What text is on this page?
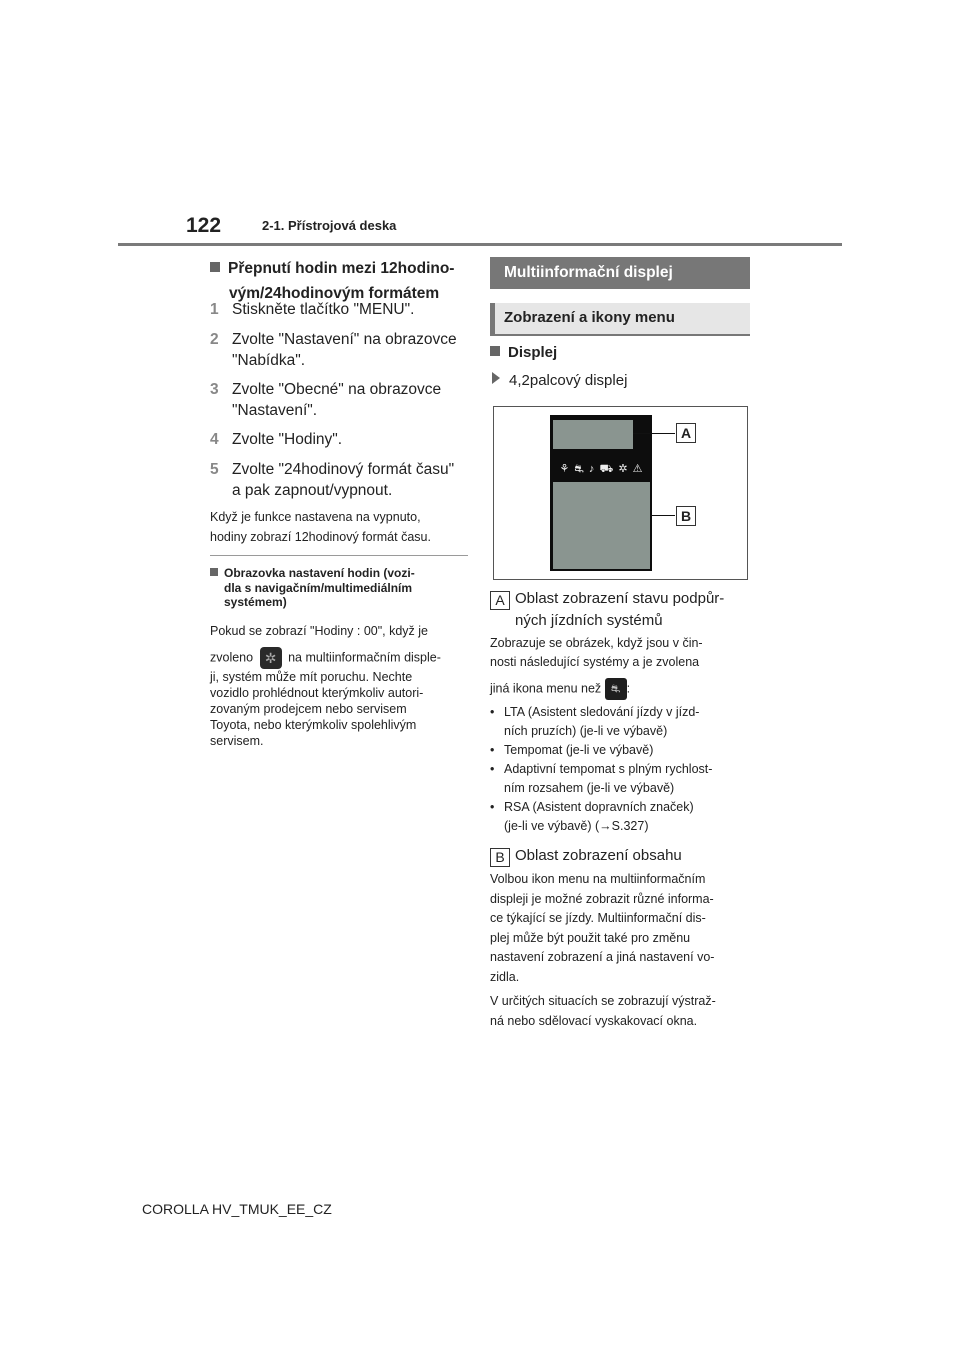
122	2-1. Přístrojová deska
Přepnutí hodin mezi 12hodino-
vým/24hodinovým formátem
1 Stiskněte tlačítko "MENU".
2 Zvolte "Nastavení" na obrazovce
"Nabídka".
3 Zvolte "Obecné" na obrazovce
"Nastavení".
4 Zvolte "Hodiny".
5 Zvolte "24hodinový formát času"
a pak zapnout/vypnout.
Když je funkce nastavena na vypnuto,
hodiny zobrazí 12hodinový formát času.
Obrazovka nastavení hodin (vozi-
dla s navigačním/multimediálním
systémem)
Pokud se zobrazí "Hodiny : 00", když je
zvoleno ✲ na multiinformačním disple-
ji, systém může mít poruchu. Nechte
vozidlo prohlédnout kterýmkoliv autori-
zovaným prodejcem nebo servisem
Toyota, nebo kterýmkoliv spolehlivým
servisem.
Multiinformační displej
Zobrazení a ikony menu
Displej
4,2palcový displej
⚘ ⛐ ♪ ⛟ ✲ ⚠
A
B
A Oblast zobrazení stavu podpůr-
ných jízdních systémů
Zobrazuje se obrázek, když jsou v čin-
nosti následující systémy a je zvolena
jiná ikona menu než ⛐ :
• LTA (Asistent sledování jízdy v jízd-
ních pruzích) (je-li ve výbavě)
• Tempomat (je-li ve výbavě)
• Adaptivní tempomat s plným rychlost-
ním rozsahem (je-li ve výbavě)
• RSA (Asistent dopravních značek)
(je-li ve výbavě) (→S.327)
B Oblast zobrazení obsahu
Volbou ikon menu na multiinformačním
displeji je možné zobrazit různé informa-
ce týkající se jízdy. Multiinformační dis-
plej může být použit také pro změnu
nastavení zobrazení a jiná nastavení vo-
zidla.
V určitých situacích se zobrazují výstraž-
ná nebo sdělovací vyskakovací okna.
COROLLA HV_TMUK_EE_CZ
